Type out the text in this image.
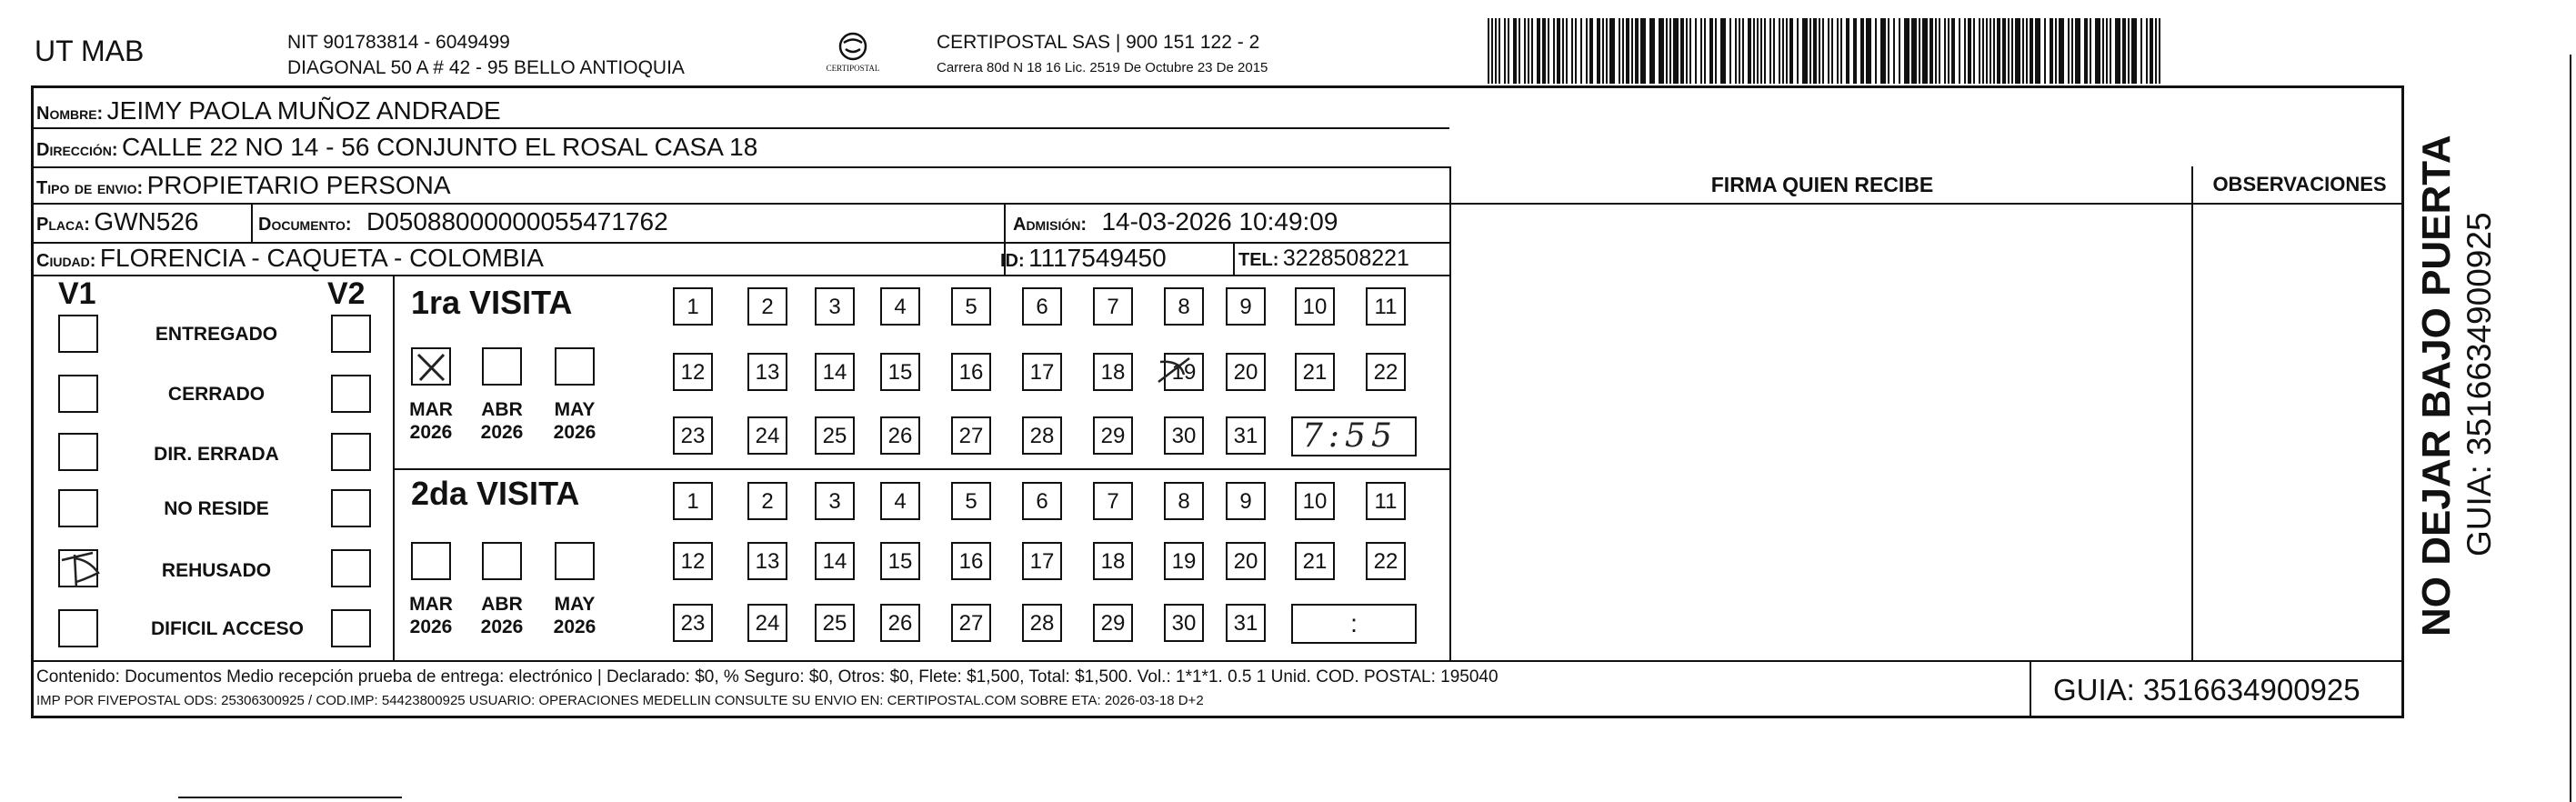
UT MAB	NIT 901783814 - 6049499
DIAGONAL 50 A # 42 - 95 BELLO ANTIOQUIA	CERTIPOSTAL
CERTIPOSTAL SAS | 900 151 122 - 2
Carrera 80d N 18 16 Lic. 2519 De Octubre 23 De 2015
Nombre: JEIMY PAOLA MUÑOZ ANDRADE
Dirección: CALLE 22 NO 14 - 56 CONJUNTO EL ROSAL CASA 18
Tipo de envio: PROPIETARIO PERSONA
Placa: GWN526	Documento: D05088000000055471762	Admisión: 14-03-2026 10:49:09
Ciudad: FLORENCIA - CAQUETA - COLOMBIA	ID: 1117549450	TEL: 3228508221
FIRMA QUIEN RECIBE	OBSERVACIONES
V1	V2
ENTREGADO
CERRADO
DIR. ERRADA
NO RESIDE
REHUSADO
DIFICIL ACCESO
1ra VISITA
MAR
2026
ABR
2026
MAY
2026
1	2	3	4	5	6	7	8	9	10	11
12	13	14	15	16	17	18	19	20	21	22
23	24	25	26	27	28	29	30	31 7:55
2da VISITA
MAR
2026
ABR
2026
MAY
2026
1	2	3	4	5	6	7	8	9	10	11
12	13	14	15	16	17	18	19	20	21	22
23	24	25	26	27	28	29	30	31	:
Contenido: Documentos Medio recepción prueba de entrega: electrónico | Declarado: $0, % Seguro: $0, Otros: $0, Flete: $1,500, Total: $1,500. Vol.: 1*1*1. 0.5 1 Unid. COD. POSTAL: 195040
IMP POR FIVEPOSTAL ODS: 25306300925 / COD.IMP: 54423800925 USUARIO: OPERACIONES MEDELLIN CONSULTE SU ENVIO EN: CERTIPOSTAL.COM SOBRE ETA: 2026-03-18 D+2	GUIA: 3516634900925
NO DEJAR BAJO PUERTA GUIA: 3516634900925
